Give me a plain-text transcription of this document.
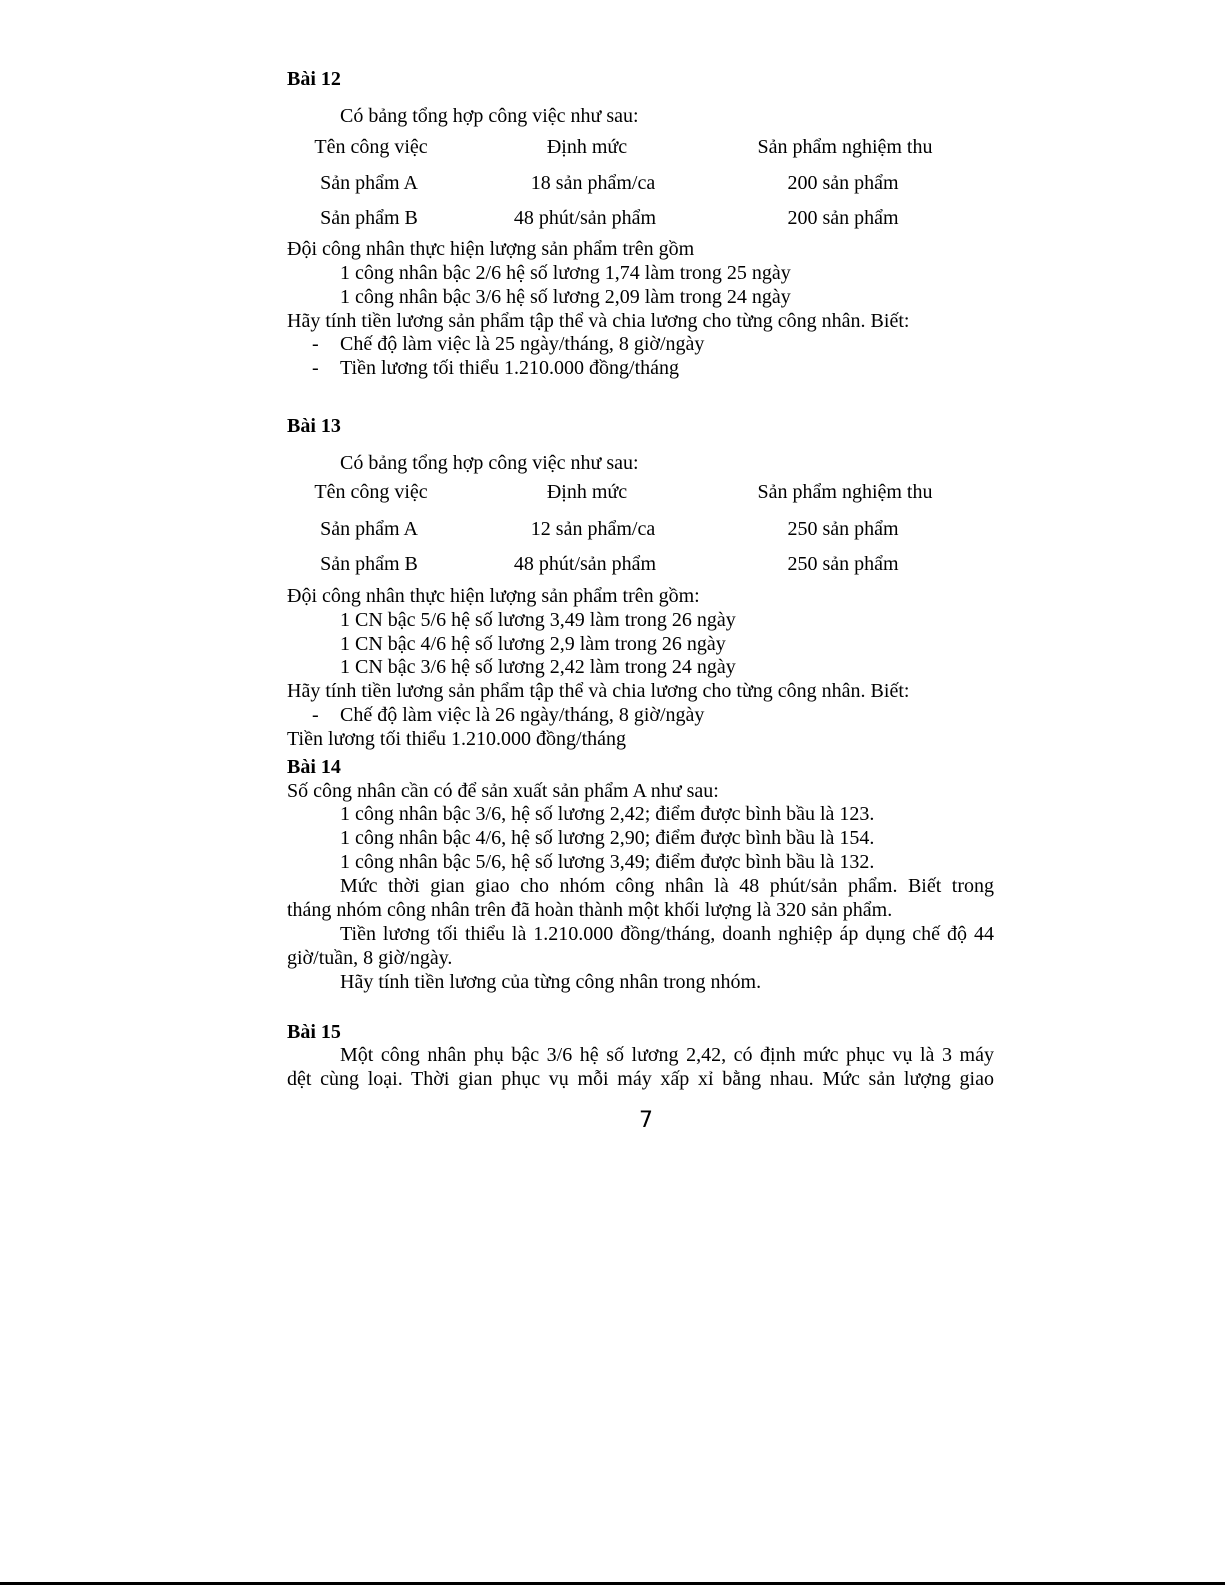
Bài 12
Có bảng tổng hợp công việc như sau:
Tên công việc	Định mức	Sản phẩm nghiệm thu
Sản phẩm A	18 sản phẩm/ca	200 sản phẩm
Sản phẩm B	48 phút/sản phẩm	200 sản phẩm
Đội công nhân thực hiện lượng sản phẩm trên gồm
1 công nhân bậc 2/6 hệ số lương 1,74 làm trong 25 ngày
1 công nhân bậc 3/6 hệ số lương 2,09 làm trong 24 ngày
Hãy tính tiền lương sản phẩm tập thể và chia lương cho từng công nhân. Biết:
- Chế độ làm việc là 25 ngày/tháng, 8 giờ/ngày
- Tiền lương tối thiểu 1.210.000 đồng/tháng
Bài 13
Có bảng tổng hợp công việc như sau:
Tên công việc	Định mức	Sản phẩm nghiệm thu
Sản phẩm A	12 sản phẩm/ca	250 sản phẩm
Sản phẩm B	48 phút/sản phẩm	250 sản phẩm
Đội công nhân thực hiện lượng sản phẩm trên gồm:
1 CN bậc 5/6 hệ số lương 3,49 làm trong 26 ngày
1 CN bậc 4/6 hệ số lương 2,9 làm trong 26 ngày
1 CN bậc 3/6 hệ số lương 2,42 làm trong 24 ngày
Hãy tính tiền lương sản phẩm tập thể và chia lương cho từng công nhân. Biết:
- Chế độ làm việc là 26 ngày/tháng, 8 giờ/ngày
Tiền lương tối thiểu 1.210.000 đồng/tháng
Bài 14
Số công nhân cần có để sản xuất sản phẩm A như sau:
1 công nhân bậc 3/6, hệ số lương 2,42; điểm được bình bầu là 123.
1 công nhân bậc 4/6, hệ số lương 2,90; điểm được bình bầu là 154.
1 công nhân bậc 5/6, hệ số lương 3,49; điểm được bình bầu là 132.
Mức thời gian giao cho nhóm công nhân là 48 phút/sản phẩm. Biết trong
tháng nhóm công nhân trên đã hoàn thành một khối lượng là 320 sản phẩm.
Tiền lương tối thiểu là 1.210.000 đồng/tháng, doanh nghiệp áp dụng chế độ 44
giờ/tuần, 8 giờ/ngày.
Hãy tính tiền lương của từng công nhân trong nhóm.
Bài 15
Một công nhân phụ bậc 3/6 hệ số lương 2,42, có định mức phục vụ là 3 máy
dệt cùng loại. Thời gian phục vụ mỗi máy xấp xỉ bằng nhau. Mức sản lượng giao
7
